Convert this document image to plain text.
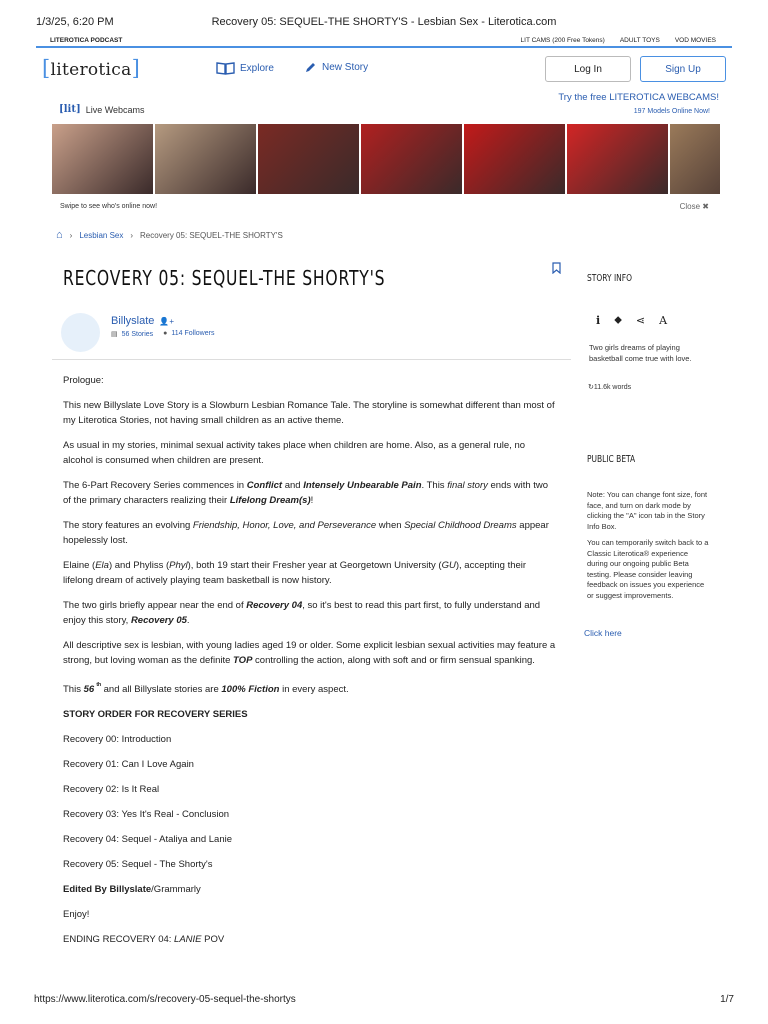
1/3/25, 6:20 PM	Recovery 05: SEQUEL-THE SHORTY'S - Lesbian Sex - Literotica.com
LITEROTICA PODCAST	LIT CAMS (200 Free Tokens) ADULT TOYS VOD MOVIES
[literotica]	Explore	New Story	Log In	Sign Up
[lit] Live Webcams
Try the free LITEROTICA WEBCAMS!
197 Models Online Now!
Swipe to see who's online now!	Close ✖
⌂ › Lesbian Sex › Recovery 05: SEQUEL-THE SHORTY'S
RECOVERY 05: SEQUEL-THE SHORTY'S
Billyslate 👤+
▤ 56 Stories ● 114 Followers

Prologue:

This new Billyslate Love Story is a Slowburn Lesbian Romance Tale. The storyline is somewhat different than most of my Literotica Stories, not having small children as an active theme.

As usual in my stories, minimal sexual activity takes place when children are home. Also, as a general rule, no alcohol is consumed when children are present.

The 6-Part Recovery Series commences in Conflict and Intensely Unbearable Pain. This final story ends with two of the primary characters realizing their Lifelong Dream(s)!

The story features an evolving Friendship, Honor, Love, and Perseverance when Special Childhood Dreams appear hopelessly lost.

Elaine (Ela) and Phyliss (Phyl), both 19 start their Fresher year at Georgetown University (GU), accepting their lifelong dream of actively playing team basketball is now history.

The two girls briefly appear near the end of Recovery 04, so it's best to read this part first, to fully understand and enjoy this story, Recovery 05.

All descriptive sex is lesbian, with young ladies aged 19 or older. Some explicit lesbian sexual activities may feature a strong, but loving woman as the definite TOP controlling the action, along with soft and or firm sensual spanking.

This 56 $^{ᵗʰ}$ and all Billyslate stories are 100% Fiction in every aspect.

STORY ORDER FOR RECOVERY SERIES

Recovery 00: Introduction

Recovery 01: Can I Love Again

Recovery 02: Is It Real

Recovery 03: Yes It's Real - Conclusion

Recovery 04: Sequel - Ataliya and Lanie

Recovery 05: Sequel - The Shorty's

Edited By Billyslate/Grammarly

Enjoy!

ENDING RECOVERY 04: LANIE POV

STORY INFO
i ⬥ ⋖ A
Two girls dreams of playing basketball come true with love.
↻11.6k words
PUBLIC BETA
Note: You can change font size, font face, and turn on dark mode by clicking the "A" icon tab in the Story Info Box.
You can temporarily switch back to a Classic Literotica® experience during our ongoing public Beta testing. Please consider leaving feedback on issues you experience or suggest improvements.
Click here
https://www.literotica.com/s/recovery-05-sequel-the-shortys	1/7
